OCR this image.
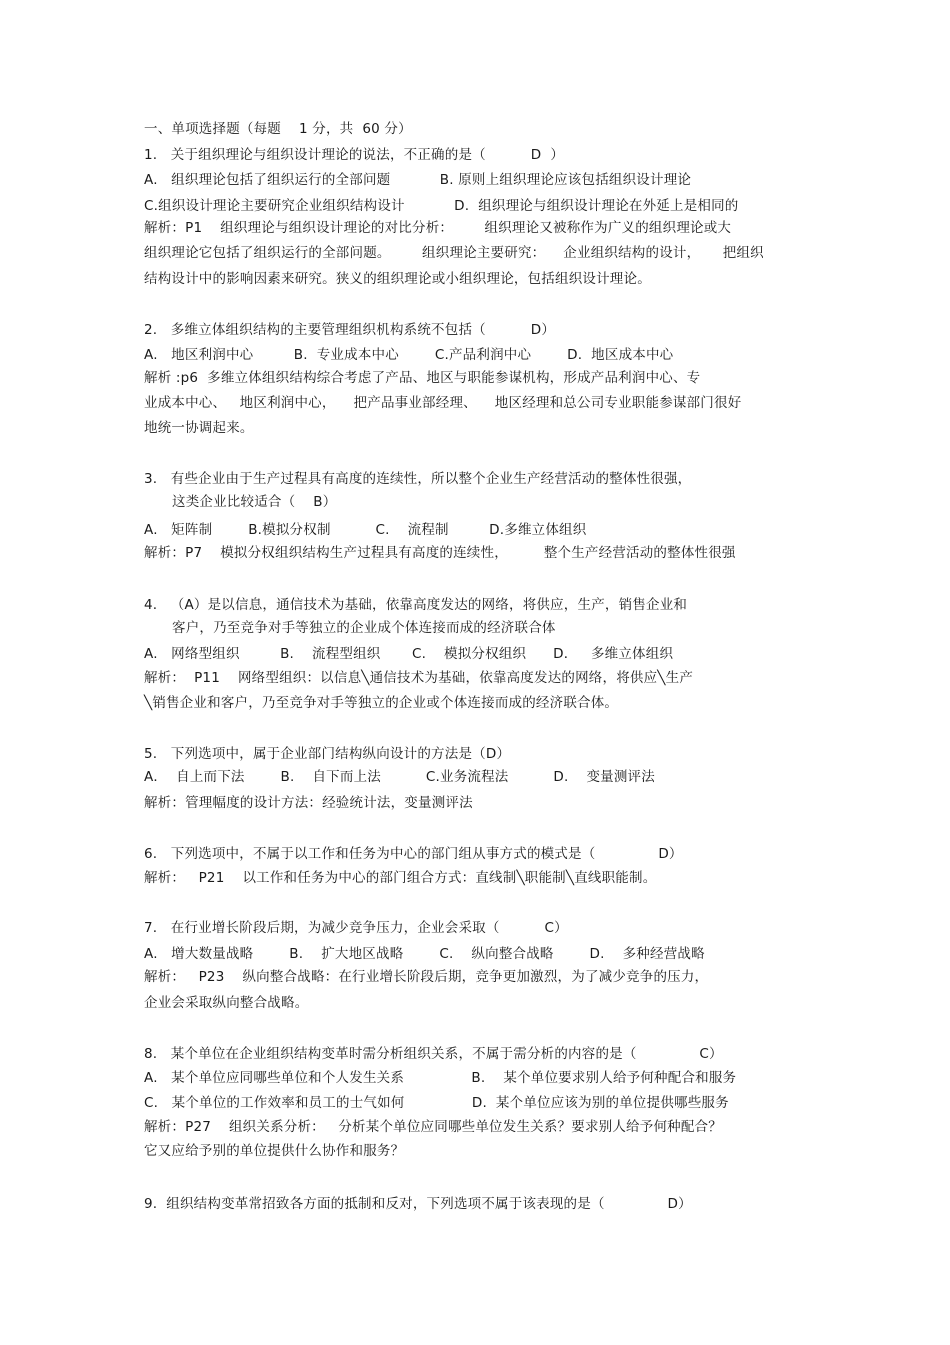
一、单项选择题（每题    1 分，共  60 分）
1.   关于组织理论与组织设计理论的说法，不正确的是（          D  ）
A.   组织理论包括了组织运行的全部问题           B. 原则上组织理论应该包括组织设计理论
C.组织设计理论主要研究企业组织结构设计           D.  组织理论与组织设计理论在外延上是相同的
解析：P1    组织理论与组织设计理论的对比分析：       组织理论又被称作为广义的组织理论或大
组织理论它包括了组织运行的全部问题。       组织理论主要研究：    企业组织结构的设计，     把组织
结构设计中的影响因素来研究。狭义的组织理论或小组织理论，包括组织设计理论。
2.   多维立体组织结构的主要管理组织机构系统不包括（          D）
A.   地区利润中心         B.  专业成本中心        C.产品利润中心        D.  地区成本中心
解析 :p6  多维立体组织结构综合考虑了产品、地区与职能参谋机构，形成产品利润中心、专
业成本中心、   地区利润中心，    把产品事业部经理、    地区经理和总公司专业职能参谋部门很好
地统一协调起来。
3.   有些企业由于生产过程具有高度的连续性，所以整个企业生产经营活动的整体性很强，
这类企业比较适合（    B）
A.   矩阵制        B.模拟分权制          C.    流程制         D.多维立体组织
解析：P7    模拟分权组织结构生产过程具有高度的连续性，        整个生产经营活动的整体性很强
4.   （A）是以信息，通信技术为基础，依靠高度发达的网络，将供应，生产，销售企业和
客户，乃至竞争对手等独立的企业成个体连接而成的经济联合体
A.   网络型组织         B.    流程型组织       C.    模拟分权组织      D．   多维立体组织
解析：  P11    网络型组织：以信息╲通信技术为基础，依靠高度发达的网络，将供应╲生产
╲销售企业和客户，乃至竞争对手等独立的企业或个体连接而成的经济联合体。
5.   下列选项中，属于企业部门结构纵向设计的方法是（D）
A．  自上而下法        B.    自下而上法          C.业务流程法          D.    变量测评法
解析：管理幅度的设计方法：经验统计法，变量测评法
6.   下列选项中，不属于以工作和任务为中心的部门组从事方式的模式是（              D）
解析：   P21    以工作和任务为中心的部门组合方式：直线制╲职能制╲直线职能制。
7.   在行业增长阶段后期，为减少竞争压力，企业会采取（          C）
A.   增大数量战略        B.    扩大地区战略        C.    纵向整合战略        D.    多种经营战略
解析：   P23    纵向整合战略：在行业增长阶段后期，竞争更加激烈，为了减少竞争的压力，
企业会采取纵向整合战略。
8.   某个单位在企业组织结构变革时需分析组织关系，不属于需分析的内容的是（              C）
A.   某个单位应同哪些单位和个人发生关系               B.    某个单位要求别人给予何种配合和服务
C.   某个单位的工作效率和员工的士气如何               D.  某个单位应该为别的单位提供哪些服务
解析：P27    组织关系分析：   分析某个单位应同哪些单位发生关系？要求别人给予何种配合？
它又应给予别的单位提供什么协作和服务？
9.  组织结构变革常招致各方面的抵制和反对，下列选项不属于该表现的是（              D）
